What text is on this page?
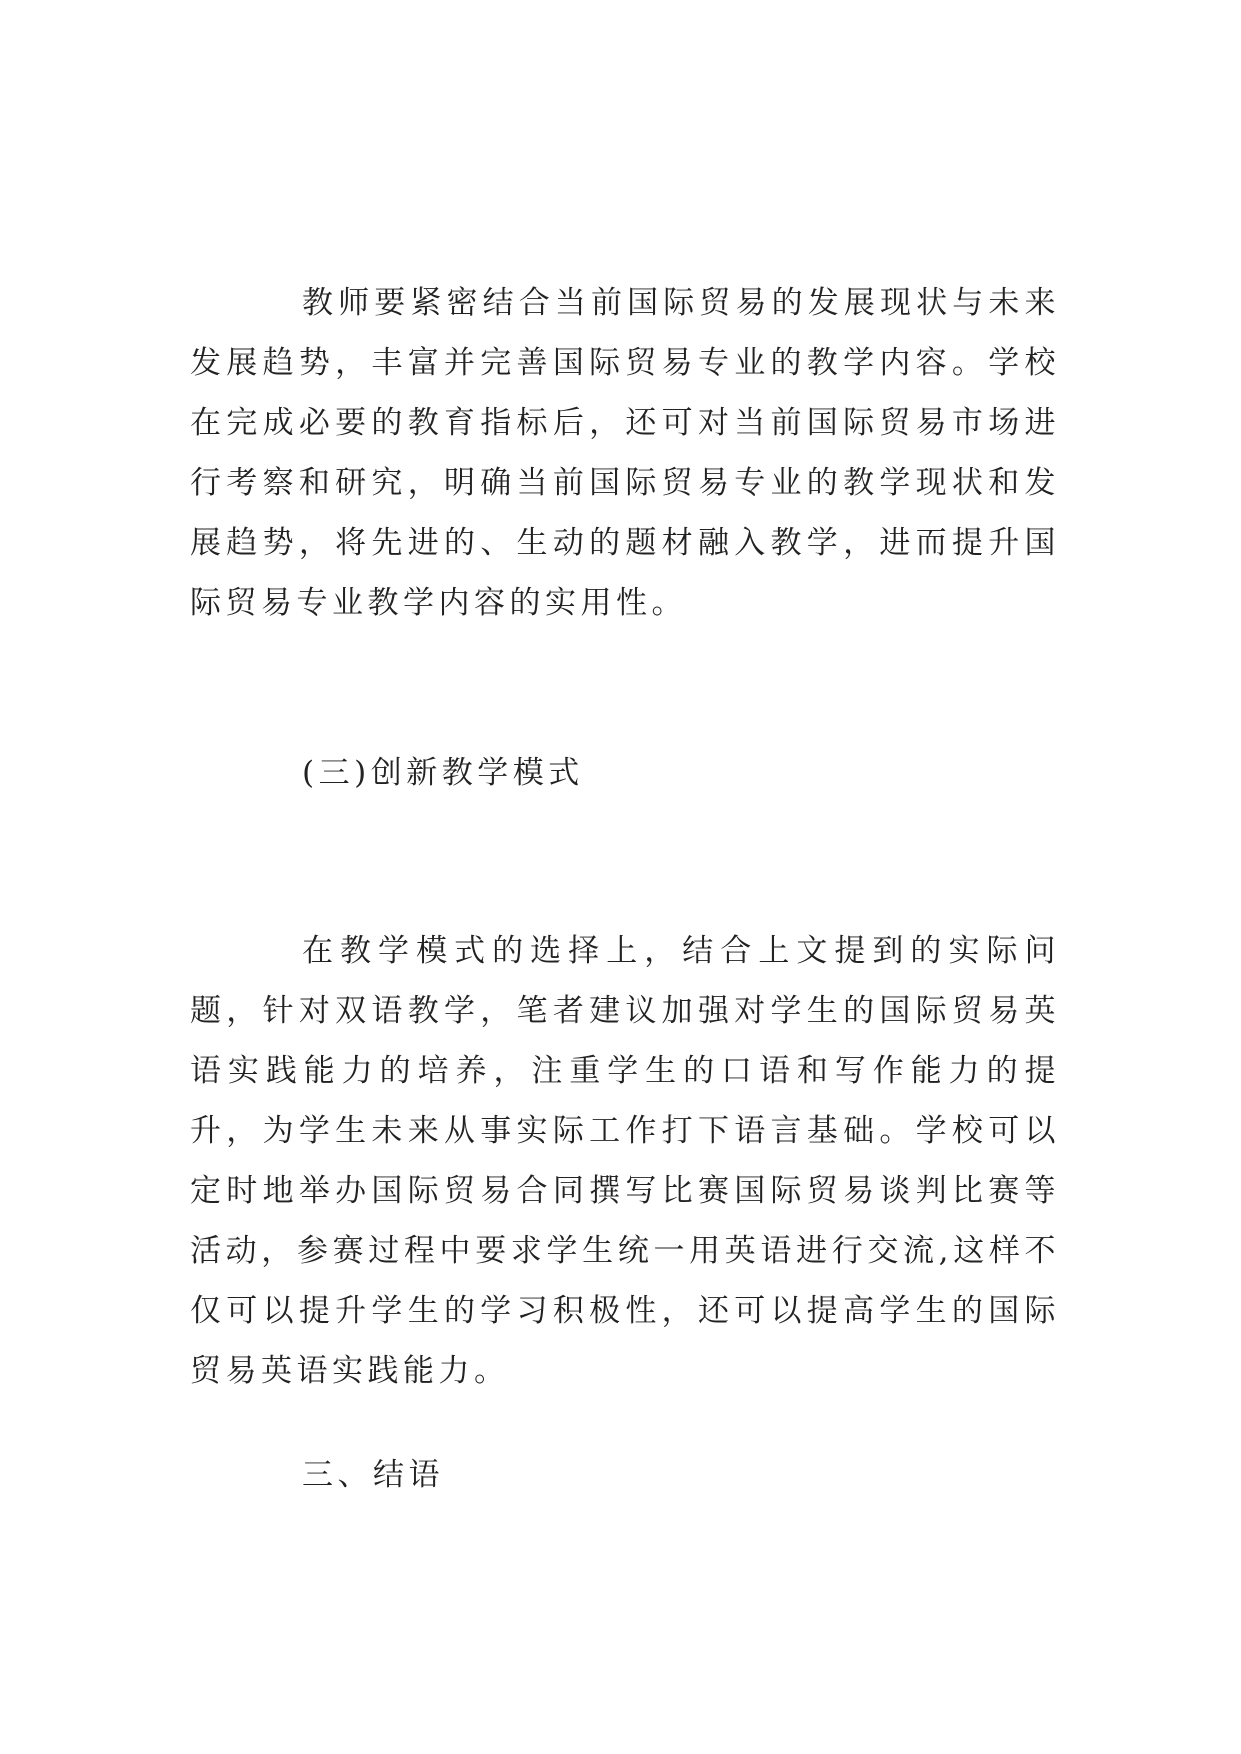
教师要紧密结合当前国际贸易的发展现状与未来发展趋势，丰富并完善国际贸易专业的教学内容。学校在完成必要的教育指标后，还可对当前国际贸易市场进行考察和研究，明确当前国际贸易专业的教学现状和发展趋势，将先进的、生动的题材融入教学，进而提升国际贸易专业教学内容的实用性。

(三)创新教学模式

在教学模式的选择上，结合上文提到的实际问题，针对双语教学，笔者建议加强对学生的国际贸易英语实践能力的培养，注重学生的口语和写作能力的提升，为学生未来从事实际工作打下语言基础。学校可以定时地举办国际贸易合同撰写比赛国际贸易谈判比赛等活动，参赛过程中要求学生统一用英语进行交流,这样不仅可以提升学生的学习积极性，还可以提高学生的国际贸易英语实践能力。

三、结语
